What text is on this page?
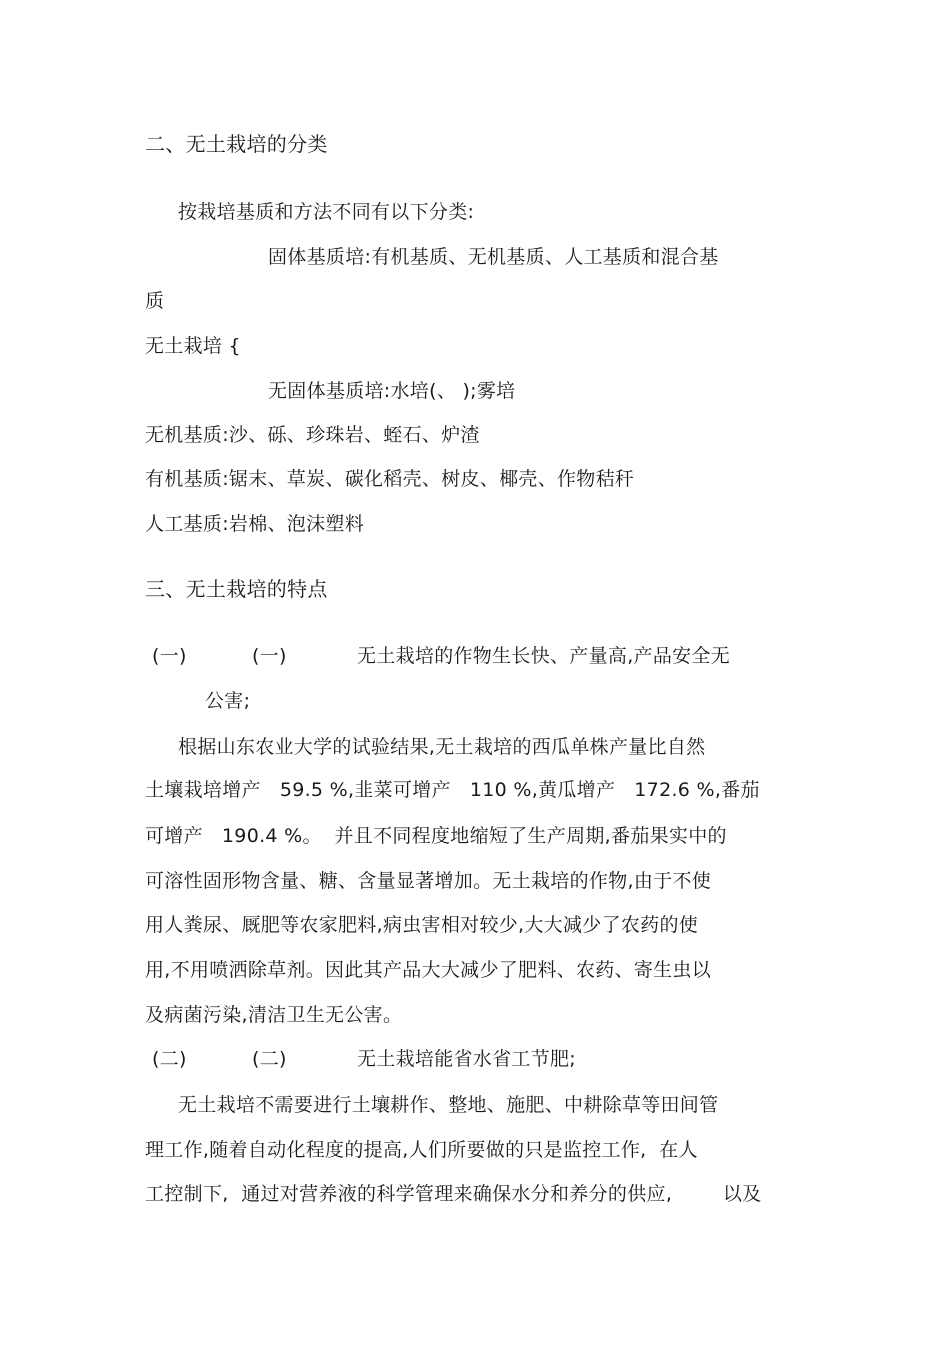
二、无土栽培的分类
按栽培基质和方法不同有以下分类:
固体基质培:有机基质、无机基质、人工基质和混合基
质
无土栽培 {
无固体基质培:水培(、 );雾培
无机基质:沙、砾、珍珠岩、蛭石、炉渣
有机基质:锯末、草炭、碳化稻壳、树皮、椰壳、作物秸秆
人工基质:岩棉、泡沫塑料
三、无土栽培的特点
(一)	(一)	无土栽培的作物生长快、产量高,产品安全无
公害;
根据山东农业大学的试验结果,无土栽培的西瓜单株产量比自然
土壤栽培增产   59.5 %,韭菜可增产   110 %,黄瓜增产   172.6 %,番茄
可增产   190.4 %。  并且不同程度地缩短了生产周期,番茄果实中的
可溶性固形物含量、糖、含量显著增加。无土栽培的作物,由于不使
用人粪尿、厩肥等农家肥料,病虫害相对较少,大大减少了农药的使
用,不用喷洒除草剂。因此其产品大大减少了肥料、农药、寄生虫以
及病菌污染,清洁卫生无公害。
(二)	(二)	无土栽培能省水省工节肥;
无土栽培不需要进行土壤耕作、整地、施肥、中耕除草等田间管
理工作,随着自动化程度的提高,人们所要做的只是监控工作,  在人
工控制下,  通过对营养液的科学管理来确保水分和养分的供应,        以及
